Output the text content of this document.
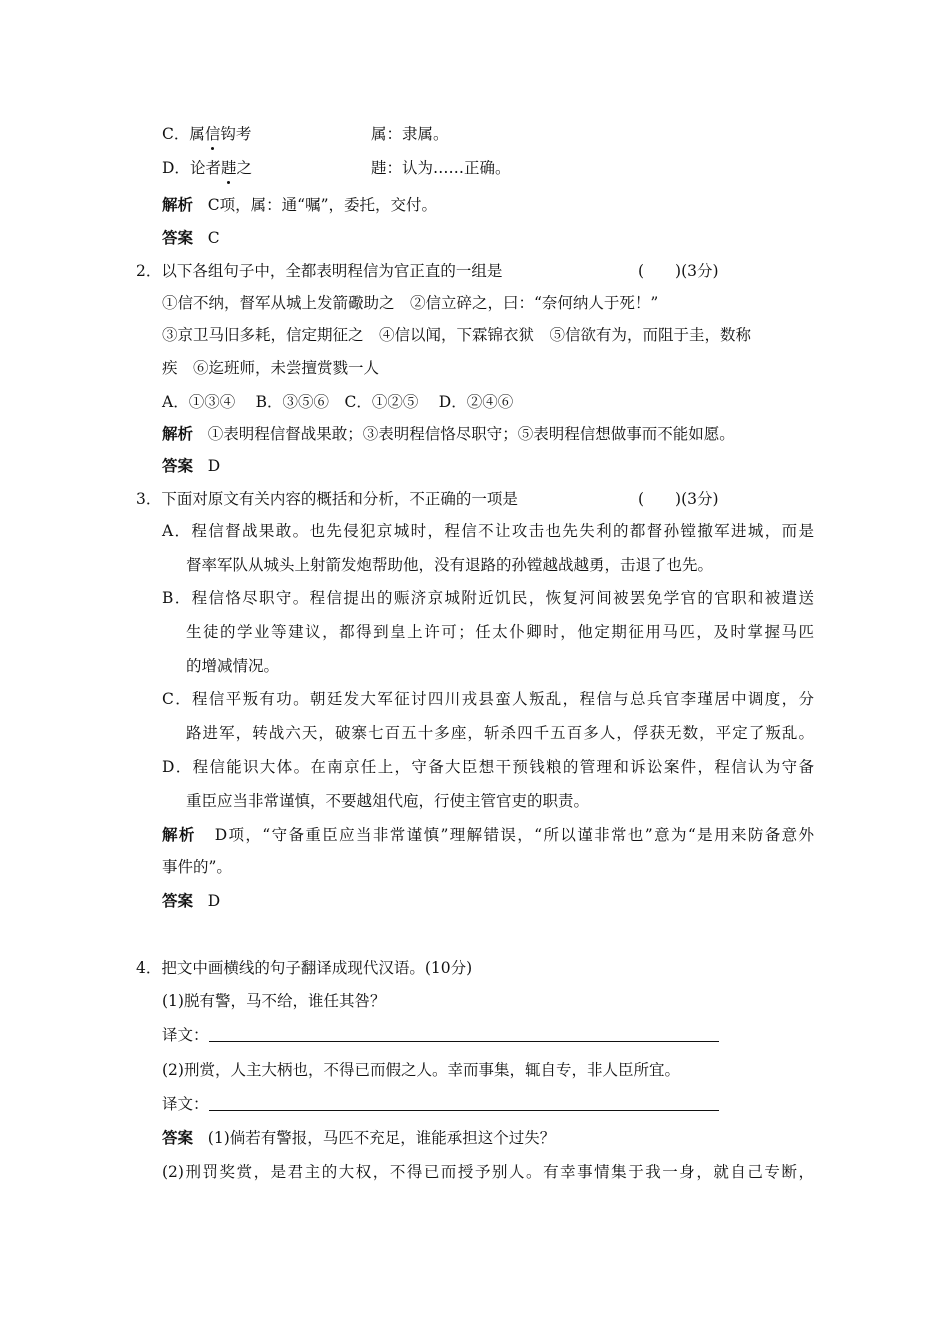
C．属信钩考	属：隶属。
D．论者韪之	韪：认为……正确。
解析 C项，属：通“嘱”，委托，交付。
答案 C
2．以下各组句子中，全都表明程信为官正直的一组是	(　　)(3分)
①信不纳，督军从城上发箭礮助之　②信立碎之，曰：“奈何纳人于死！”
③京卫马旧多耗，信定期征之　④信以闻，下霖锦衣狱　⑤信欲有为，而阻于圭，数称
疾　⑥迄班师，未尝擅赏戮一人
A．①③④　 B．③⑤⑥　C．①②⑤　 D．②④⑥
解析 ①表明程信督战果敢；③表明程信恪尽职守；⑤表明程信想做事而不能如愿。
答案 D
3．下面对原文有关内容的概括和分析，不正确的一项是	(　　)(3分)
A．程信督战果敢。也先侵犯京城时，程信不让攻击也先失利的都督孙镗撤军进城，而是
督率军队从城头上射箭发炮帮助他，没有退路的孙镗越战越勇，击退了也先。
B．程信恪尽职守。程信提出的赈济京城附近饥民，恢复河间被罢免学官的官职和被遣送
生徒的学业等建议，都得到皇上许可；任太仆卿时，他定期征用马匹，及时掌握马匹
的增减情况。
C．程信平叛有功。朝廷发大军征讨四川戎县蛮人叛乱，程信与总兵官李瑾居中调度，分
路进军，转战六天，破寨七百五十多座，斩杀四千五百多人，俘获无数，平定了叛乱。
D．程信能识大体。在南京任上，守备大臣想干预钱粮的管理和诉讼案件，程信认为守备
重臣应当非常谨慎，不要越俎代庖，行使主管官吏的职责。
解析 D项，“守备重臣应当非常谨慎”理解错误，“所以谨非常也”意为“是用来防备意外
事件的”。
答案 D
4．把文中画横线的句子翻译成现代汉语。(10分)
(1)脱有警，马不给，谁任其咎？
译文：
(2)刑赏，人主大柄也，不得已而假之人。幸而事集，辄自专，非人臣所宜。
译文：
答案 (1)倘若有警报，马匹不充足，谁能承担这个过失？
(2)刑罚奖赏，是君主的大权，不得已而授予别人。有幸事情集于我一身，就自己专断，
